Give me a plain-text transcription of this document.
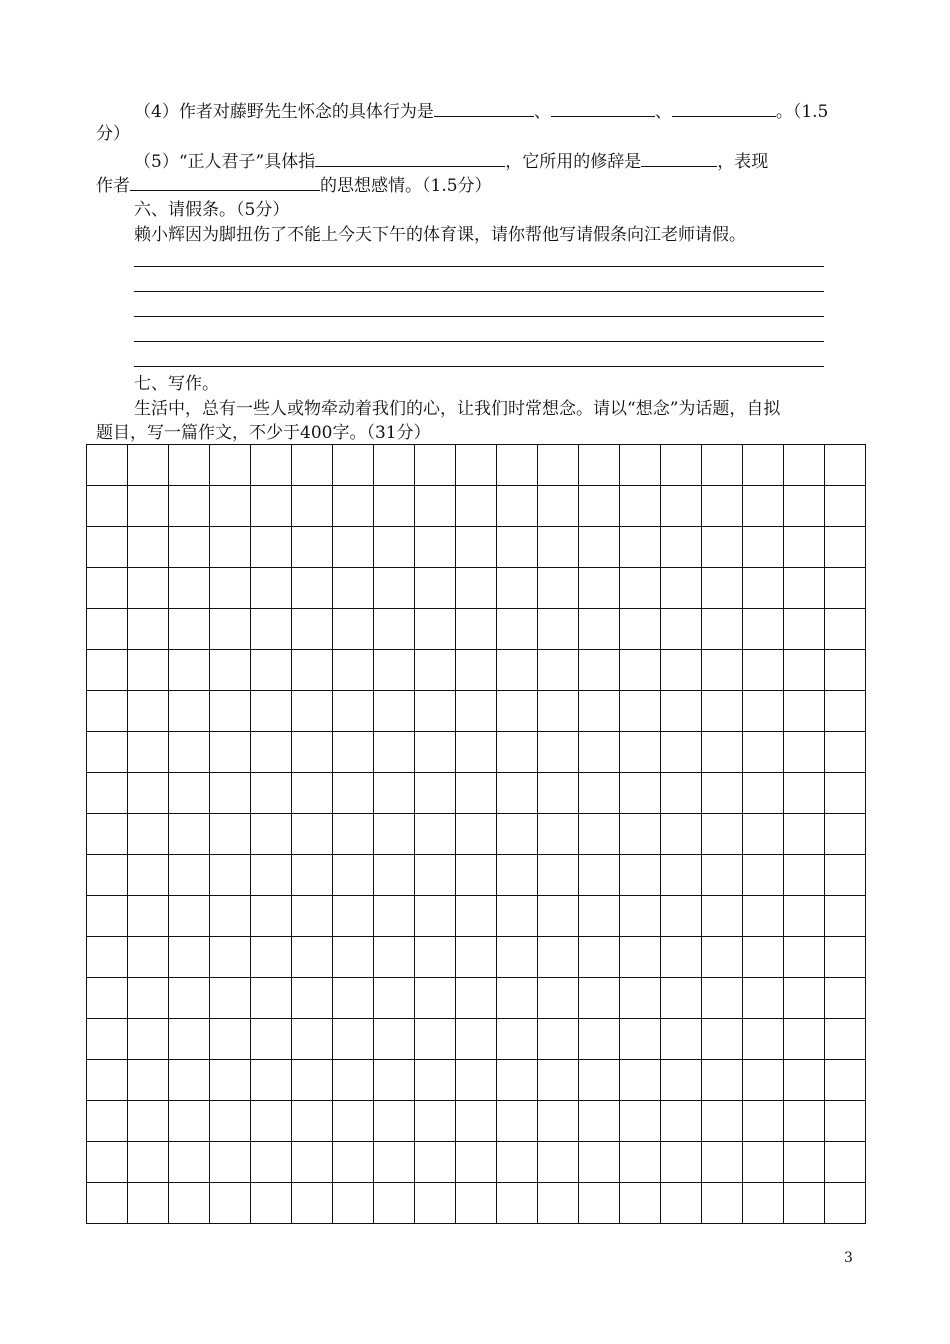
（4）作者对藤野先生怀念的具体行为是	、	、	。（1.5
分）
（5）“正人君子”具体指	，它所用的修辞是	，表现
作者	的思想感情。（1.5分）
六、请假条。（5分）
赖小辉因为脚扭伤了不能上今天下午的体育课，请你帮他写请假条向江老师请假。
七、写作。
生活中，总有一些人或物牵动着我们的心，让我们时常想念。请以“想念”为话题，自拟
题目，写一篇作文，不少于400字。（31分）
3
